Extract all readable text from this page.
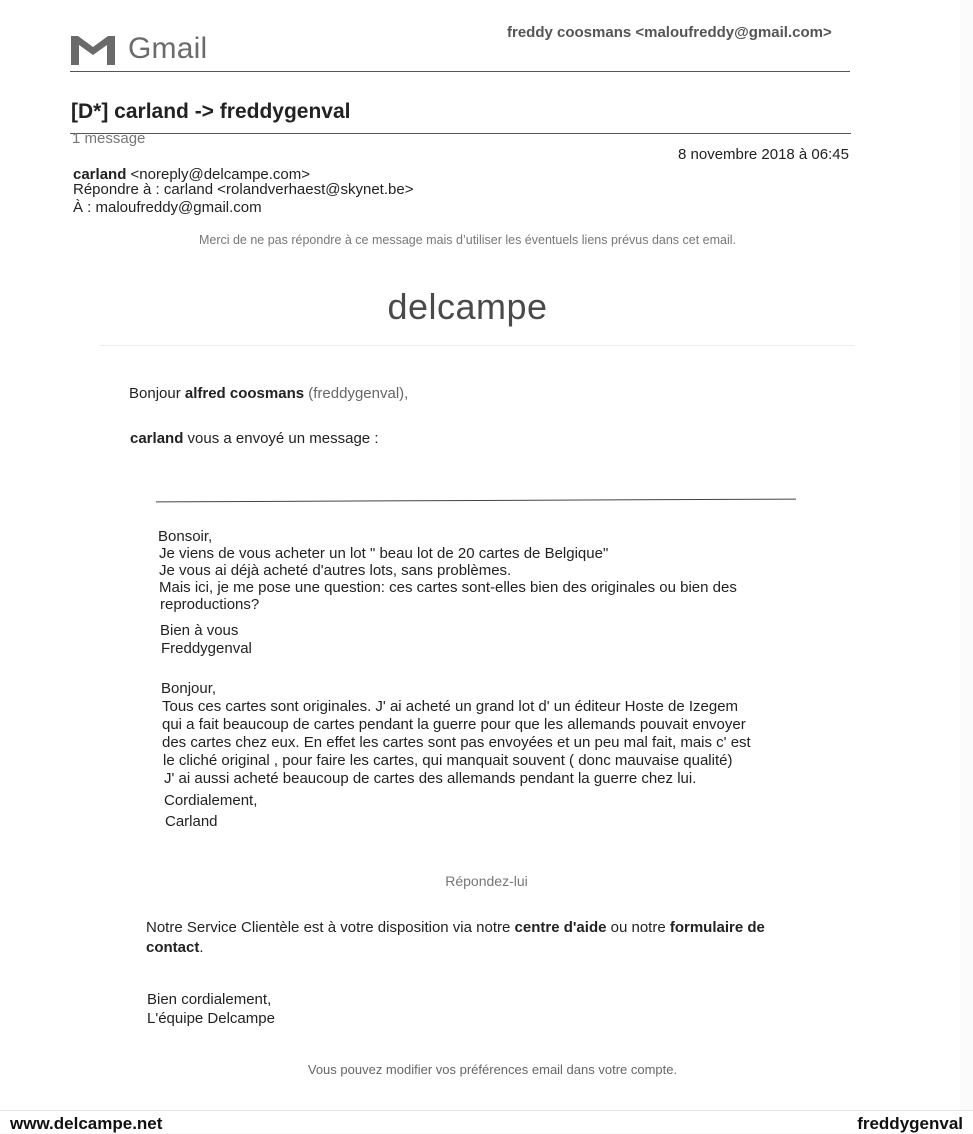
Gmail	freddy coosmans <maloufreddy@gmail.com>
[D*] carland -> freddygenval
1 message
8 novembre 2018 à 06:45
carland <noreply@delcampe.com>
Répondre à : carland <rolandverhaest@skynet.be>
À : maloufreddy@gmail.com
Merci de ne pas répondre à ce message mais d’utiliser les éventuels liens prévus dans cet email.
delcampe
Bonjour alfred coosmans (freddygenval),
carland vous a envoyé un message :
Bonsoir,
Je viens de vous acheter un lot " beau lot de 20 cartes de Belgique"
Je vous ai déjà acheté d'autres lots, sans problèmes.
Mais ici, je me pose une question: ces cartes sont-elles bien des originales ou bien des
reproductions?
Bien à vous
Freddygenval
Bonjour,
Tous ces cartes sont originales. J' ai acheté un grand lot d' un éditeur Hoste de Izegem
qui a fait beaucoup de cartes pendant la guerre pour que les allemands pouvait envoyer
des cartes chez eux. En effet les cartes sont pas envoyées et un peu mal fait, mais c' est
le cliché original , pour faire les cartes, qui manquait souvent ( donc mauvaise qualité)
J' ai aussi acheté beaucoup de cartes des allemands pendant la guerre chez lui.
Cordialement,
Carland
Répondez-lui
Notre Service Clientèle est à votre disposition via notre centre d'aide ou notre formulaire de contact.
Bien cordialement,
L'équipe Delcampe
Vous pouvez modifier vos préférences email dans votre compte.
www.delcampe.net	freddygenval
